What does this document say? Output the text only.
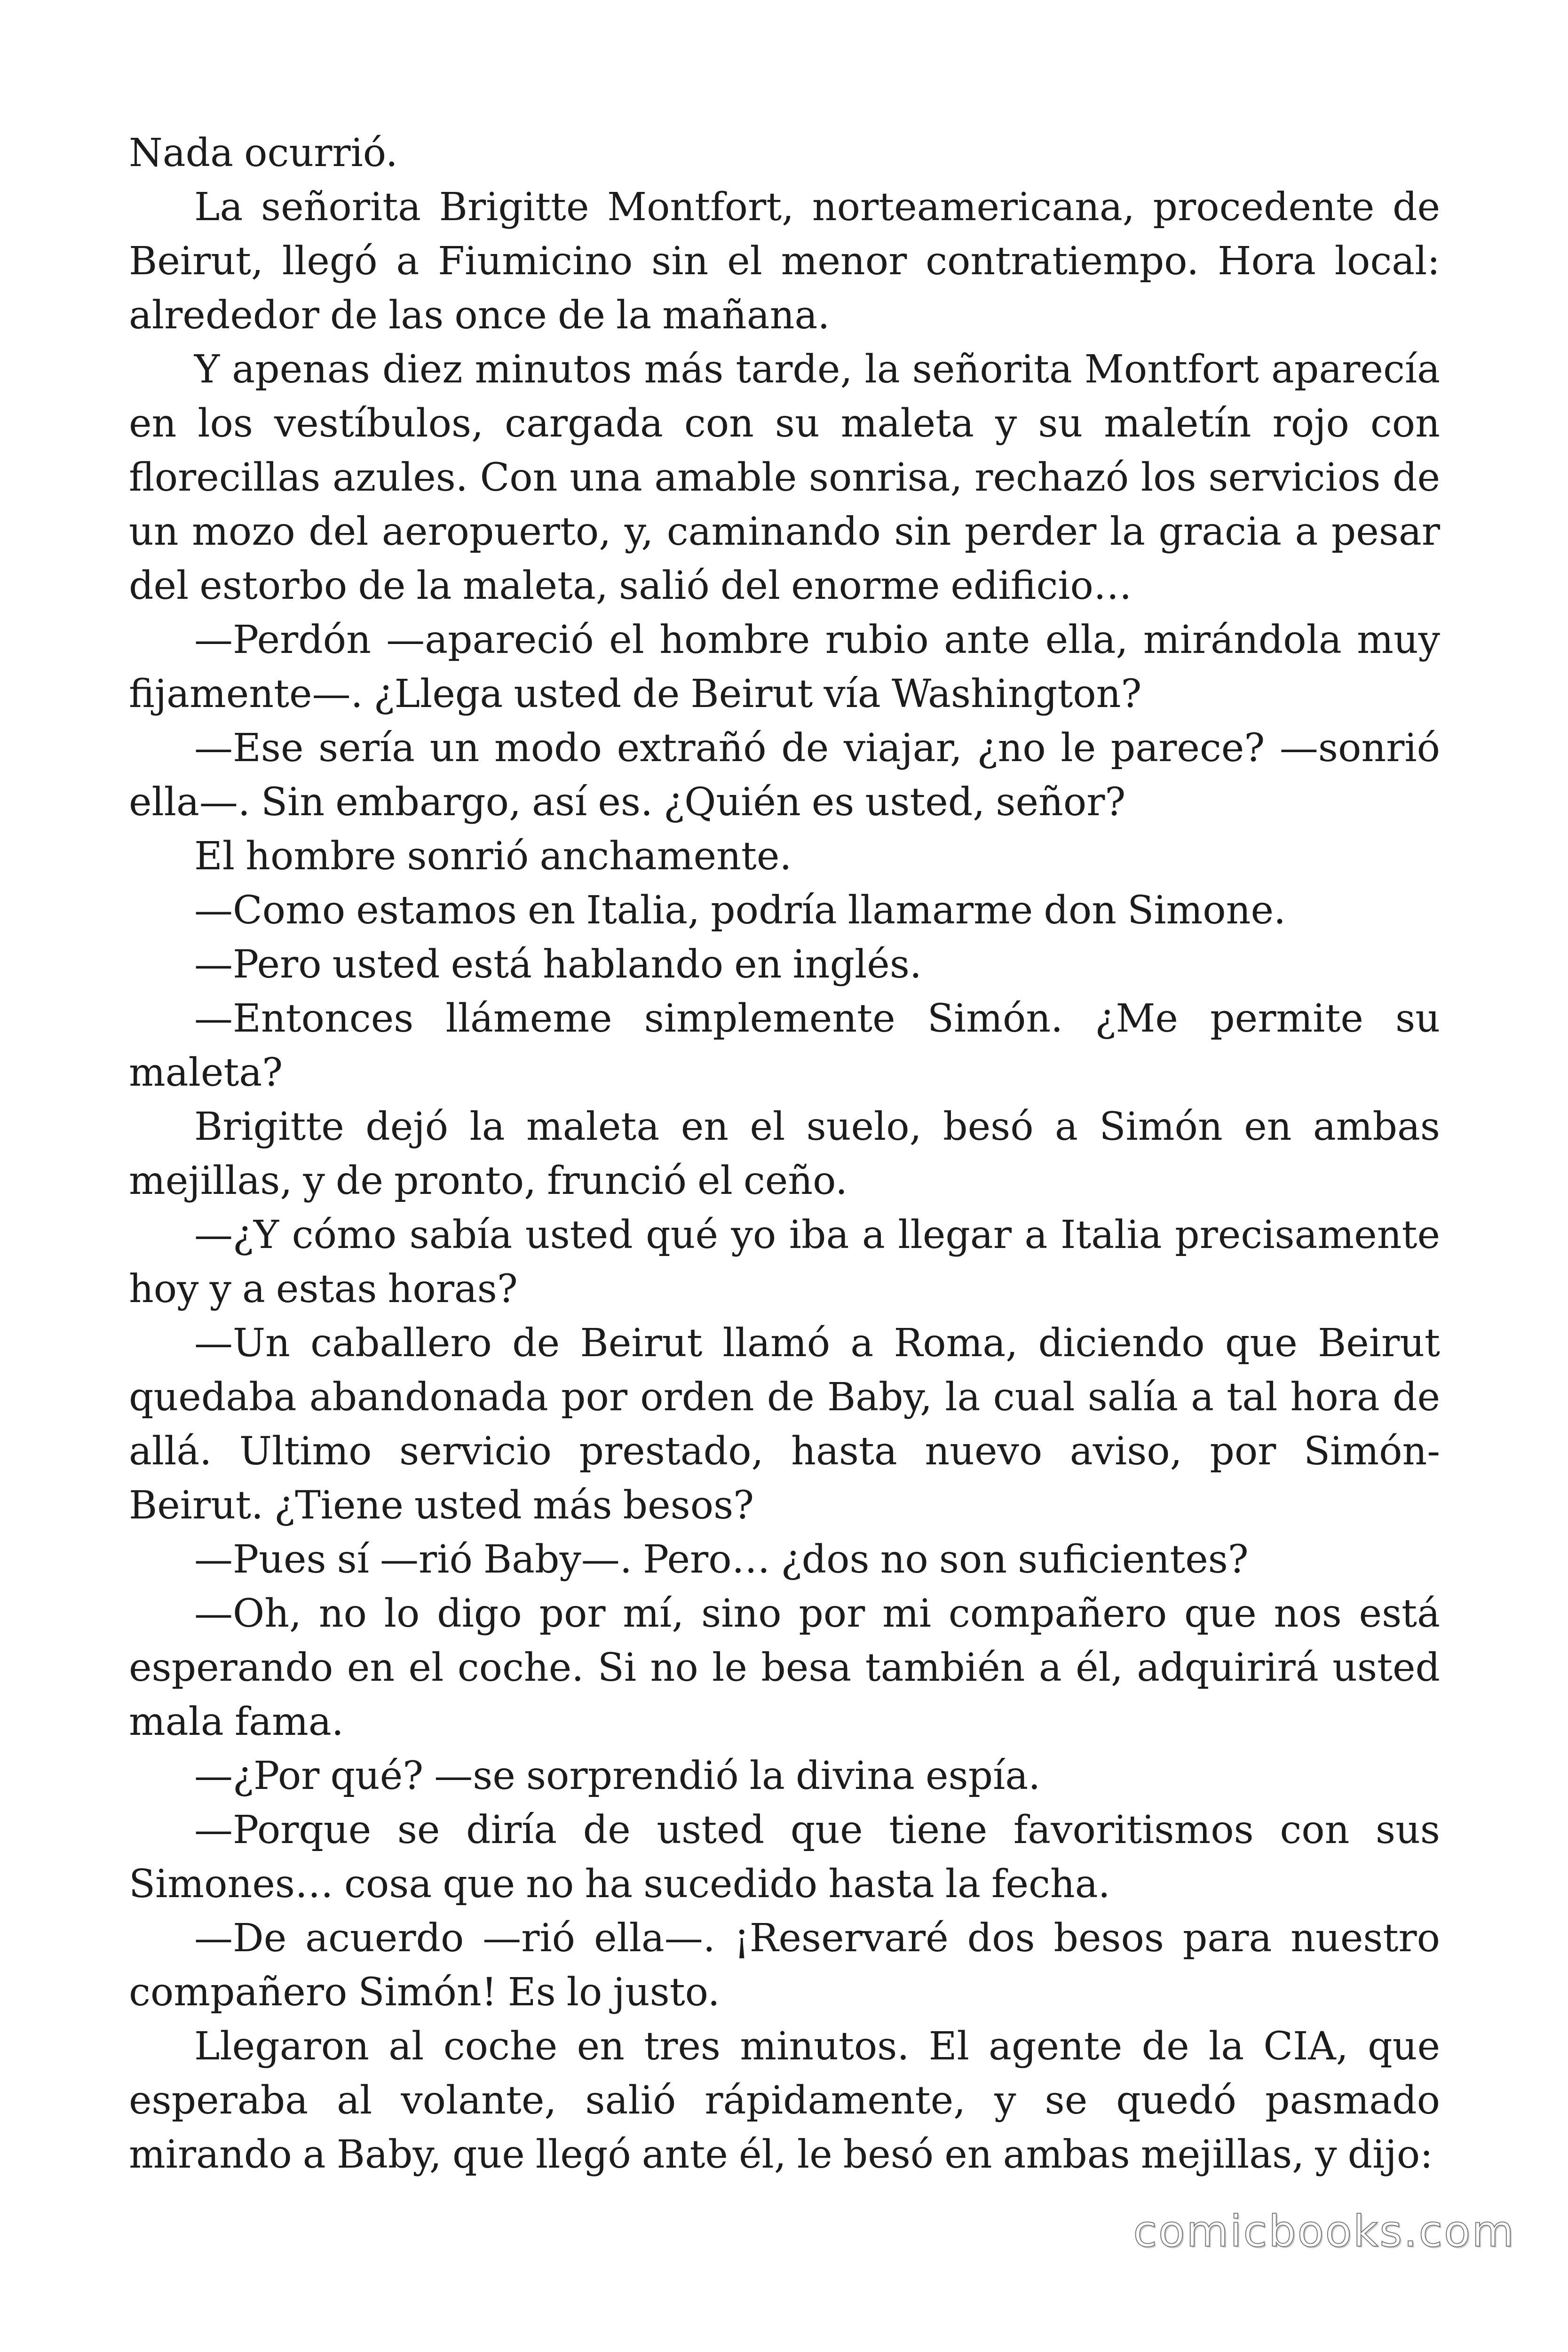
Nada ocurrió.

La señorita Brigitte Montfort, norteamericana, procedente de Beirut, llegó a Fiumicino sin el menor contratiempo. Hora local: alrededor de las once de la mañana.

Y apenas diez minutos más tarde, la señorita Montfort aparecía en los vestíbulos, cargada con su maleta y su maletín rojo con florecillas azules. Con una amable sonrisa, rechazó los servicios de un mozo del aeropuerto, y, caminando sin perder la gracia a pesar del estorbo de la maleta, salió del enorme edificio…

—Perdón —apareció el hombre rubio ante ella, mirándola muy fijamente—. ¿Llega usted de Beirut vía Washington?

—Ese sería un modo extrañó de viajar, ¿no le parece? —sonrió ella—. Sin embargo, así es. ¿Quién es usted, señor?

El hombre sonrió anchamente.

—Como estamos en Italia, podría llamarme don Simone.

—Pero usted está hablando en inglés.

—Entonces llámeme simplemente Simón. ¿Me permite su maleta?

Brigitte dejó la maleta en el suelo, besó a Simón en ambas mejillas, y de pronto, frunció el ceño.

—¿Y cómo sabía usted qué yo iba a llegar a Italia precisamente hoy y a estas horas?

—Un caballero de Beirut llamó a Roma, diciendo que Beirut quedaba abandonada por orden de Baby, la cual salía a tal hora de allá. Ultimo servicio prestado, hasta nuevo aviso, por Simón-Beirut. ¿Tiene usted más besos?

—Pues sí —rió Baby—. Pero… ¿dos no son suficientes?

—Oh, no lo digo por mí, sino por mi compañero que nos está esperando en el coche. Si no le besa también a él, adquirirá usted mala fama.

—¿Por qué? —se sorprendió la divina espía.

—Porque se diría de usted que tiene favoritismos con sus Simones… cosa que no ha sucedido hasta la fecha.

—De acuerdo —rió ella—. ¡Reservaré dos besos para nuestro compañero Simón! Es lo justo.

Llegaron al coche en tres minutos. El agente de la CIA, que esperaba al volante, salió rápidamente, y se quedó pasmado mirando a Baby, que llegó ante él, le besó en ambas mejillas, y dijo:

comicbooks.com
